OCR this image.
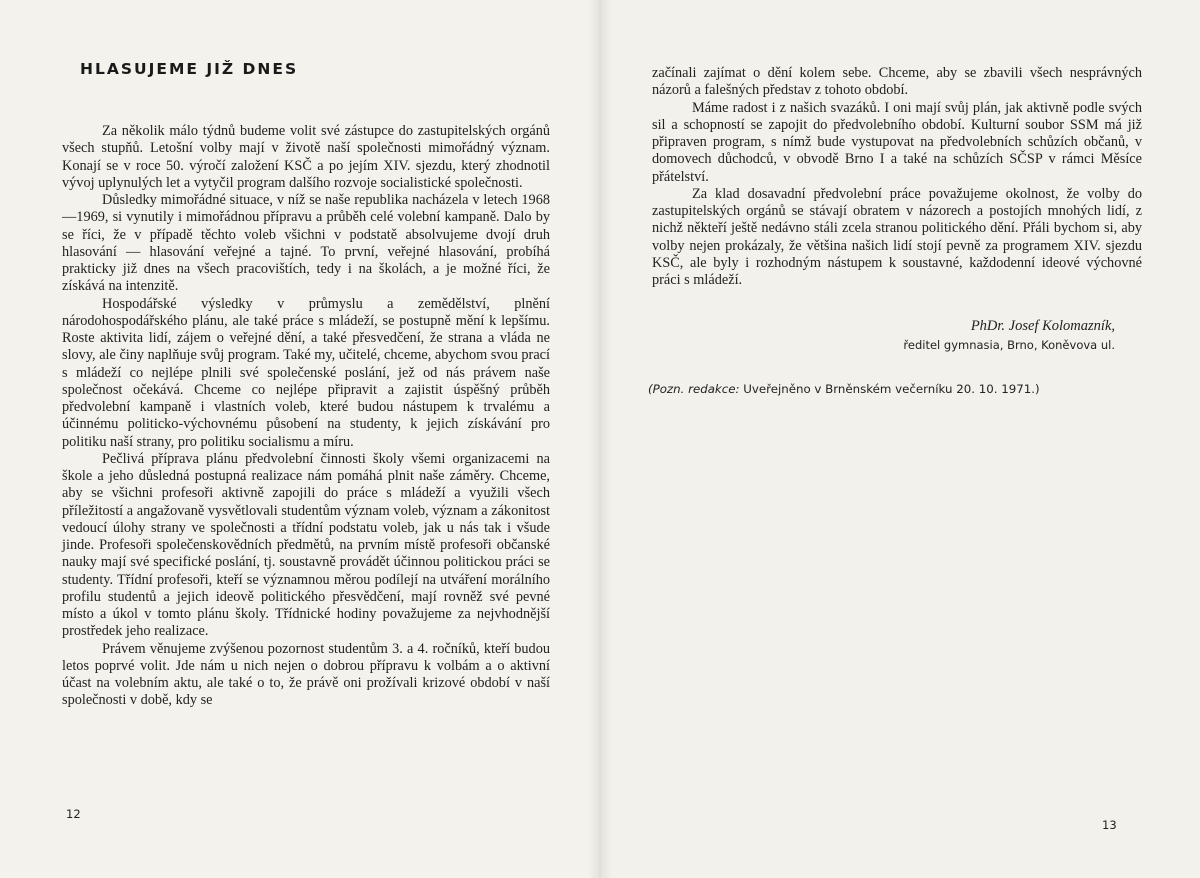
HLASUJEME JIŽ DNES

Za několik málo týdnů budeme volit své zástupce do zastupitelských orgánů všech stupňů. Letošní volby mají v životě naší společnosti mimořádný význam. Konají se v roce 50. výročí založení KSČ a po jejím XIV. sjezdu, který zhodnotil vývoj uplynulých let a vytyčil program dalšího rozvoje socialistické společnosti.

Důsledky mimořádné situace, v níž se naše republika nacházela v letech 1968—1969, si vynutily i mimořádnou přípravu a průběh celé volební kampaně. Dalo by se říci, že v případě těchto voleb všichni v podstatě absolvujeme dvojí druh hlasování — hlasování veřejné a tajné. To první, veřejné hlasování, probíhá prakticky již dnes na všech pracovištích, tedy i na školách, a je možné říci, že získává na intenzitě.

Hospodářské výsledky v průmyslu a zemědělství, plnění národohospodářského plánu, ale také práce s mládeží, se postupně mění k lepšímu. Roste aktivita lidí, zájem o veřejné dění, a také přesvedčení, že strana a vláda ne slovy, ale činy naplňuje svůj program. Také my, učitelé, chceme, abychom svou prací s mládeží co nejlépe plnili své společenské poslání, jež od nás právem naše společnost očekává. Chceme co nejlépe připravit a zajistit úspěšný průběh předvolební kampaně i vlastních voleb, které budou nástupem k trvalému a účinnému politicko-výchovnému působení na studenty, k jejich získávání pro politiku naší strany, pro politiku socialismu a míru.

Pečlivá příprava plánu předvolební činnosti školy všemi organizacemi na škole a jeho důsledná postupná realizace nám pomáhá plnit naše záměry. Chceme, aby se všichni profesoři aktivně zapojili do práce s mládeží a využili všech příležitostí a angažovaně vysvětlovali studentům význam voleb, význam a zákonitost vedoucí úlohy strany ve společnosti a třídní podstatu voleb, jak u nás tak i všude jinde. Profesoři společenskovědních předmětů, na prvním místě profesoři občanské nauky mají své specifické poslání, tj. soustavně provádět účinnou politickou práci se studenty. Třídní profesoři, kteří se významnou měrou podílejí na utváření morálního profilu studentů a jejich ideově politického přesvědčení, mají rovněž své pevné místo a úkol v tomto plánu školy. Třídnické hodiny považujeme za nejvhodnější prostředek jeho realizace.

Právem věnujeme zvýšenou pozornost studentům 3. a 4. ročníků, kteří budou letos poprvé volit. Jde nám u nich nejen o dobrou přípravu k volbám a o aktivní účast na volebním aktu, ale také o to, že právě oni prožívali krizové období v naší společnosti v době, kdy se

12

začínali zajímat o dění kolem sebe. Chceme, aby se zbavili všech nesprávných názorů a falešných představ z tohoto období.

Máme radost i z našich svazáků. I oni mají svůj plán, jak aktivně podle svých sil a schopností se zapojit do předvolebního období. Kulturní soubor SSM má již připraven program, s nímž bude vystupovat na předvolebních schůzích občanů, v domovech důchodců, v obvodě Brno I a také na schůzích SČSP v rámci Měsíce přátelství.

Za klad dosavadní předvolební práce považujeme okolnost, že volby do zastupitelských orgánů se stávají obratem v názorech a postojích mnohých lidí, z nichž někteří ještě nedávno stáli zcela stranou politického dění. Přáli bychom si, aby volby nejen prokázaly, že většina našich lidí stojí pevně za programem XIV. sjezdu KSČ, ale byly i rozhodným nástupem k soustavné, každodenní ideové výchovné práci s mládeží.

PhDr. Josef Kolomazník,
ředitel gymnasia, Brno, Koněvova ul.
(Pozn. redakce: Uveřejněno v Brněnském večerníku 20. 10. 1971.)
13
